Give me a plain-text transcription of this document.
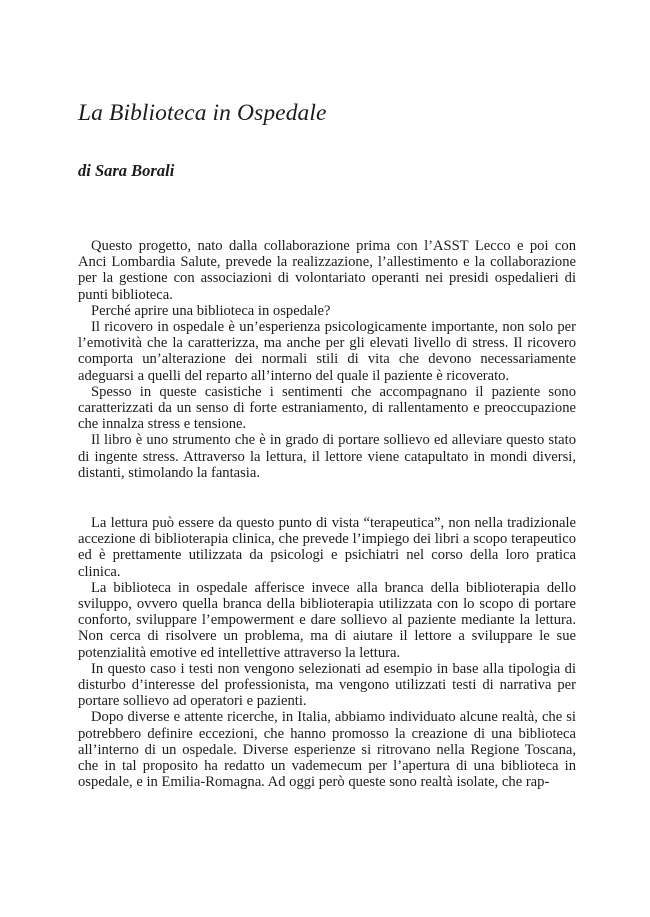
La Biblioteca in Ospedale
di Sara Borali

Questo progetto, nato dalla collaborazione prima con l’ASST Lecco e poi con Anci Lombardia Salute, prevede la realizzazione, l’allestimento e la collaborazione per la gestione con associazioni di volontariato operanti nei presidi ospedalieri di punti biblioteca.

Perché aprire una biblioteca in ospedale?

Il ricovero in ospedale è un’esperienza psicologicamente importante, non solo per l’emotività che la caratterizza, ma anche per gli elevati livello di stress. Il ricovero comporta un’alterazione dei normali stili di vita che devono necessariamente adeguarsi a quelli del reparto all’interno del quale il paziente è ricoverato.

Spesso in queste casistiche i sentimenti che accompagnano il paziente sono caratterizzati da un senso di forte estraniamento, di rallentamento e preoccupazione che innalza stress e tensione.

Il libro è uno strumento che è in grado di portare sollievo ed alleviare questo stato di ingente stress. Attraverso la lettura, il lettore viene catapultato in mondi diversi, distanti, stimolando la fantasia.

La lettura può essere da questo punto di vista “terapeutica”, non nella tradizionale accezione di biblioterapia clinica, che prevede l’impiego dei libri a scopo terapeutico ed è prettamente utilizzata da psicologi e psichiatri nel corso della loro pratica clinica.

La biblioteca in ospedale afferisce invece alla branca della biblioterapia dello sviluppo, ovvero quella branca della biblioterapia utilizzata con lo scopo di portare conforto, sviluppare l’empowerment e dare sollievo al paziente mediante la lettura. Non cerca di risolvere un problema, ma di aiutare il lettore a sviluppare le sue potenzialità emotive ed intellettive attraverso la lettura.

In questo caso i testi non vengono selezionati ad esempio in base alla tipologia di disturbo d’interesse del professionista, ma vengono utilizzati testi di narrativa per portare sollievo ad operatori e pazienti.

Dopo diverse e attente ricerche, in Italia, abbiamo individuato alcune realtà, che si potrebbero definire eccezioni, che hanno promosso la creazione di una biblioteca all’interno di un ospedale. Diverse esperienze si ritrovano nella Regione Toscana, che in tal proposito ha redatto un vademecum per l’apertura di una biblioteca in ospedale, e in Emilia-Romagna. Ad oggi però queste sono realtà isolate, che rap-
